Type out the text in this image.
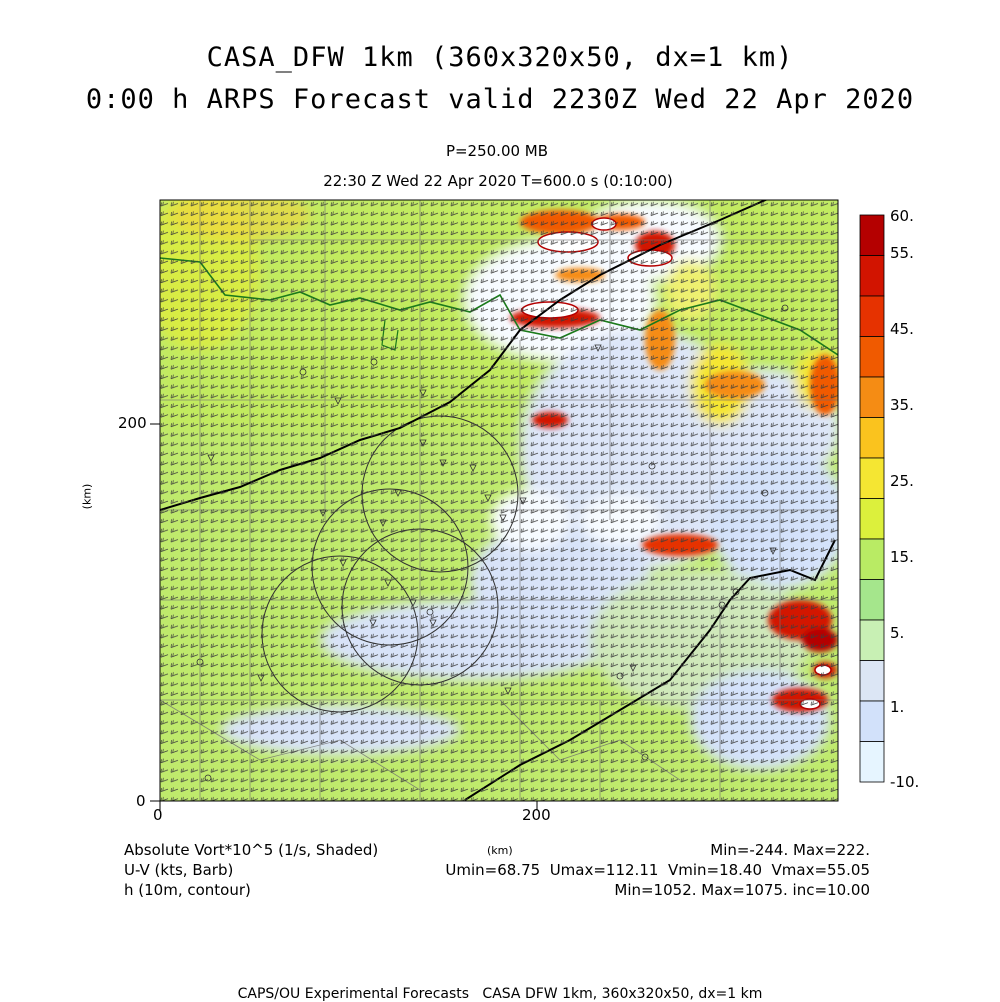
CASA_DFW 1km (360x320x50, dx=1 km)
0:00 h ARPS Forecast valid 2230Z Wed 22 Apr 2020
P=250.00 MB
22:30 Z Wed 22 Apr 2020 T=600.0 s (0:10:00)
0	200
0
200
(km)
(km)
60.
55.
45.
35.
25.
15.
5.
1.
-10.
Absolute Vort*10^5 (1/s, Shaded)
U-V (kts, Barb)
h (10m, contour)
Min=-244. Max=222.
Umin=68.75  Umax=112.11  Vmin=18.40  Vmax=55.05
Min=1052. Max=1075. inc=10.00
CAPS/OU Experimental Forecasts   CASA DFW 1km, 360x320x50, dx=1 km
